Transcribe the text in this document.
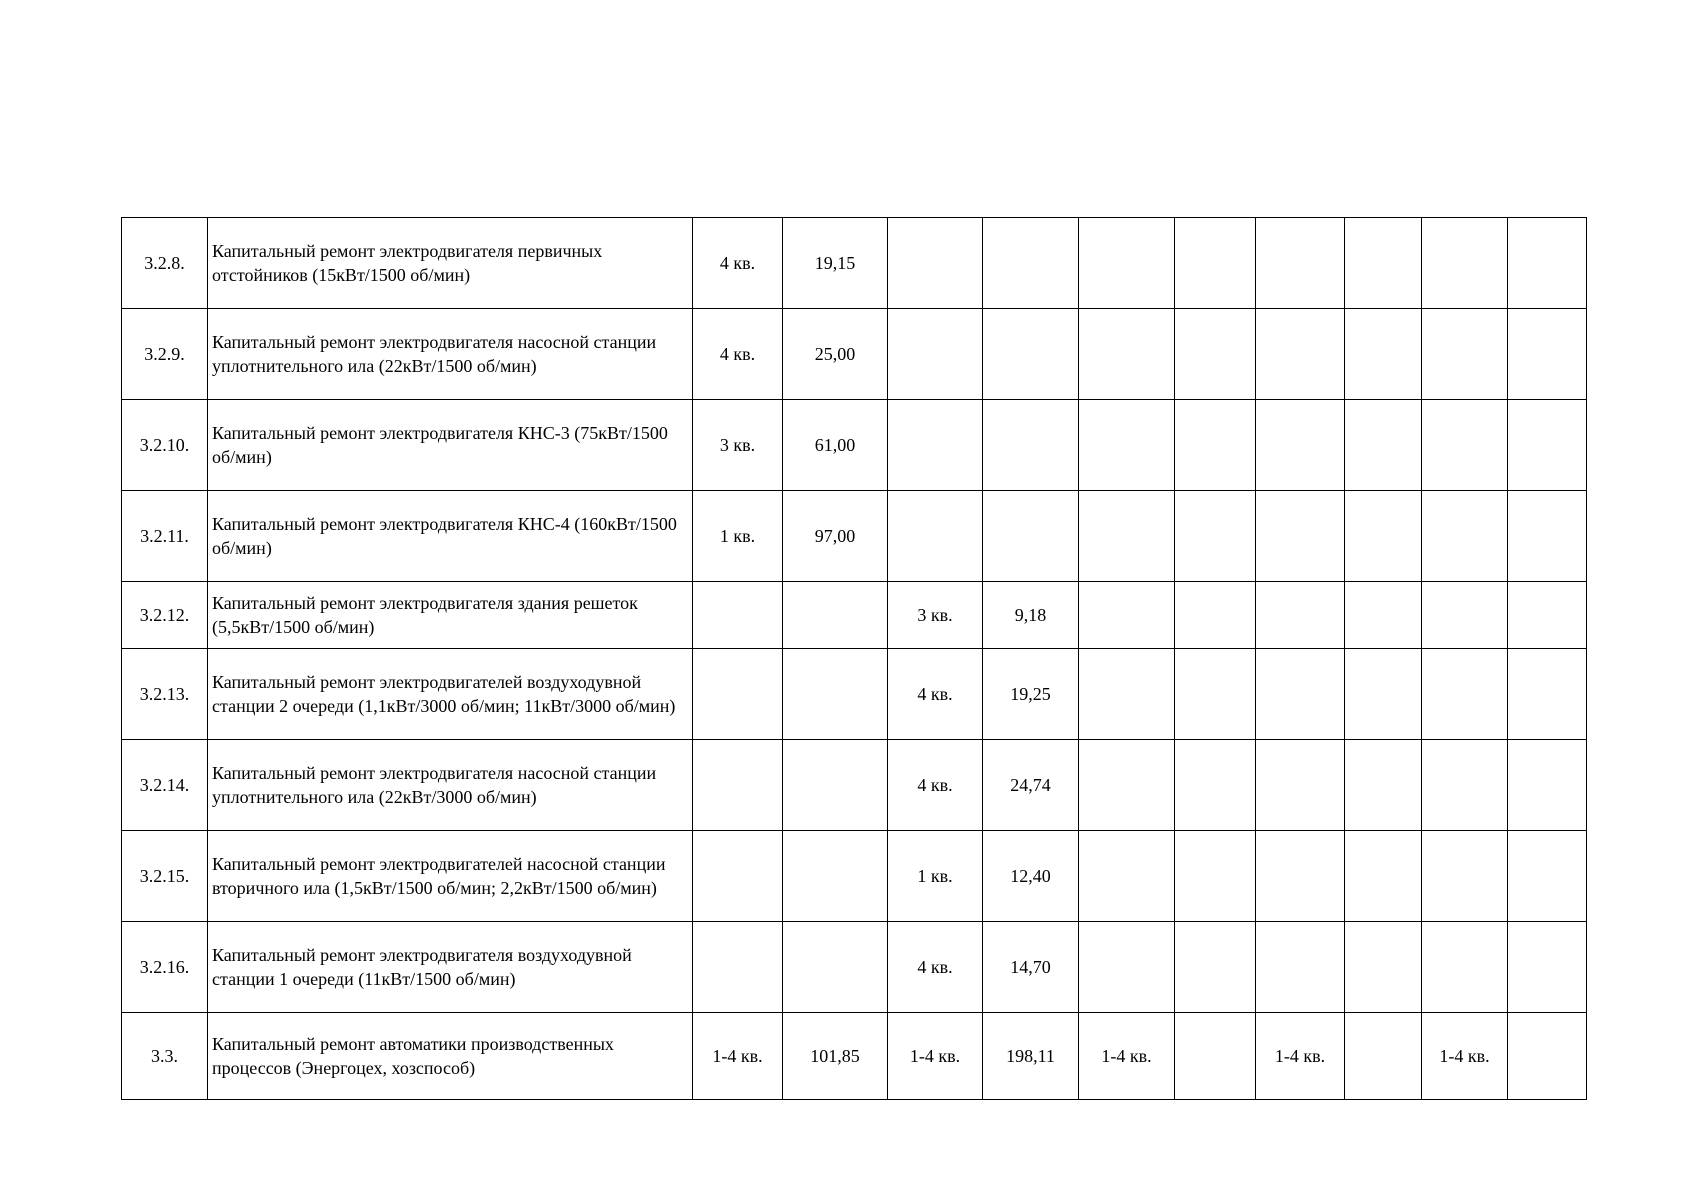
3.2.8.	Капитальный ремонт электродвигателя первичных отстойников (15кВт/1500 об/мин)	4 кв.	19,15								
3.2.9.	Капитальный ремонт электродвигателя насосной станции уплотнительного ила (22кВт/1500 об/мин)	4 кв.	25,00								
3.2.10.	Капитальный ремонт электродвигателя КНС-3 (75кВт/1500 об/мин)	3 кв.	61,00								
3.2.11.	Капитальный ремонт электродвигателя КНС-4 (160кВт/1500 об/мин)	1 кв.	97,00								
3.2.12.	Капитальный ремонт электродвигателя здания решеток (5,5кВт/1500 об/мин)			3 кв.	9,18						
3.2.13.	Капитальный ремонт электродвигателей воздуходувной станции 2 очереди (1,1кВт/3000 об/мин; 11кВт/3000 об/мин)			4 кв.	19,25						
3.2.14.	Капитальный ремонт электродвигателя насосной станции уплотнительного ила (22кВт/3000 об/мин)			4 кв.	24,74						
3.2.15.	Капитальный ремонт электродвигателей насосной станции вторичного ила (1,5кВт/1500 об/мин; 2,2кВт/1500 об/мин)			1 кв.	12,40						
3.2.16.	Капитальный ремонт электродвигателя воздуходувной станции 1 очереди (11кВт/1500 об/мин)			4 кв.	14,70						
3.3.	Капитальный ремонт автоматики производственных процессов (Энергоцех, хозспособ)	1-4 кв.	101,85	1-4 кв.	198,11	1-4 кв.		1-4 кв.		1-4 кв.	
